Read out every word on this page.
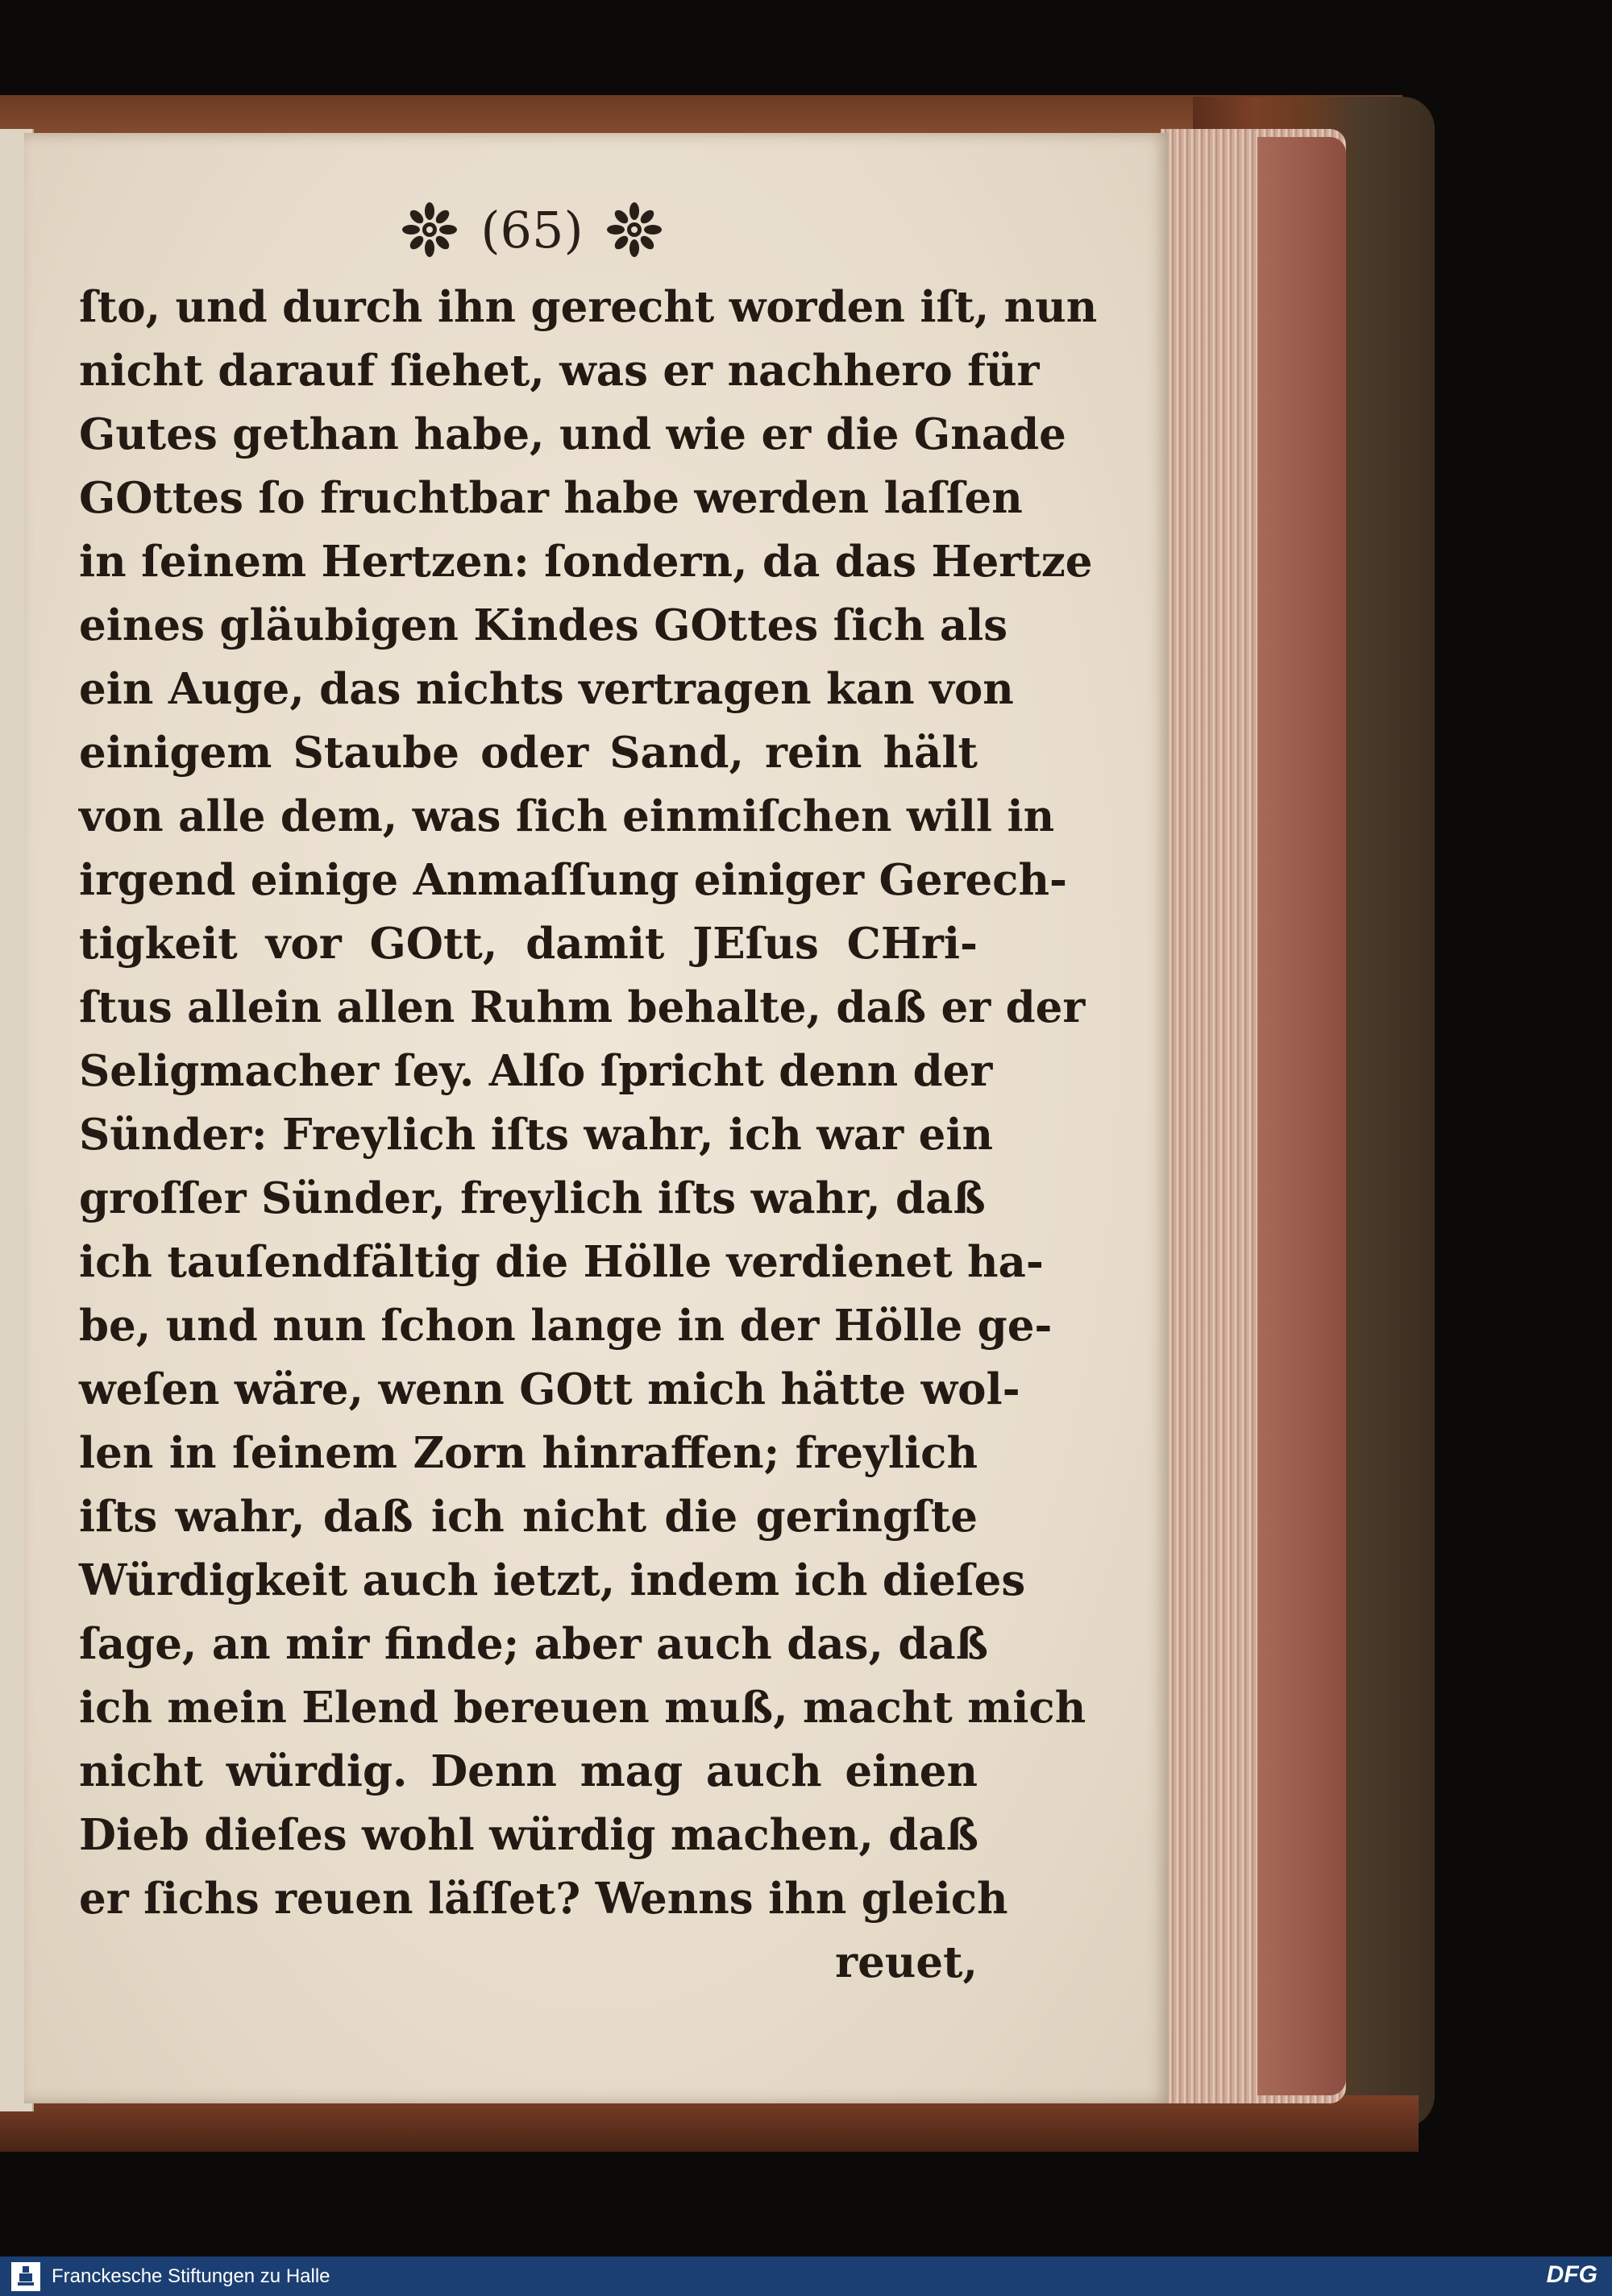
(65)
ſto, und durch ihn gerecht worden iſt, nun
nicht darauf ſiehet, was er nachhero für
Gutes gethan habe, und wie er die Gnade
GOttes ſo fruchtbar habe werden laſſen
in ſeinem Hertzen: ſondern, da das Hertze
eines gläubigen Kindes GOttes ſich als
ein Auge, das nichts vertragen kan von
einigem Staube oder Sand, rein hält
von alle dem, was ſich einmiſchen will in
irgend einige Anmaſſung einiger Gerech-
tigkeit vor GOtt, damit JEſus CHri-
ſtus allein allen Ruhm behalte, daß er der
Seligmacher ſey. Alſo ſpricht denn der
Sünder: Freylich iſts wahr, ich war ein
groſſer Sünder, freylich iſts wahr, daß
ich tauſendfältig die Hölle verdienet ha-
be, und nun ſchon lange in der Hölle ge-
weſen wäre, wenn GOtt mich hätte wol-
len in ſeinem Zorn hinraffen; freylich
iſts wahr, daß ich nicht die geringſte
Würdigkeit auch ietzt, indem ich dieſes
ſage, an mir finde; aber auch das, daß
ich mein Elend bereuen muß, macht mich
nicht würdig. Denn mag auch einen
Dieb dieſes wohl würdig machen, daß
er ſichs reuen läſſet? Wenns ihn gleich
reuet,
Franckesche Stiftungen zu Halle	DFG
